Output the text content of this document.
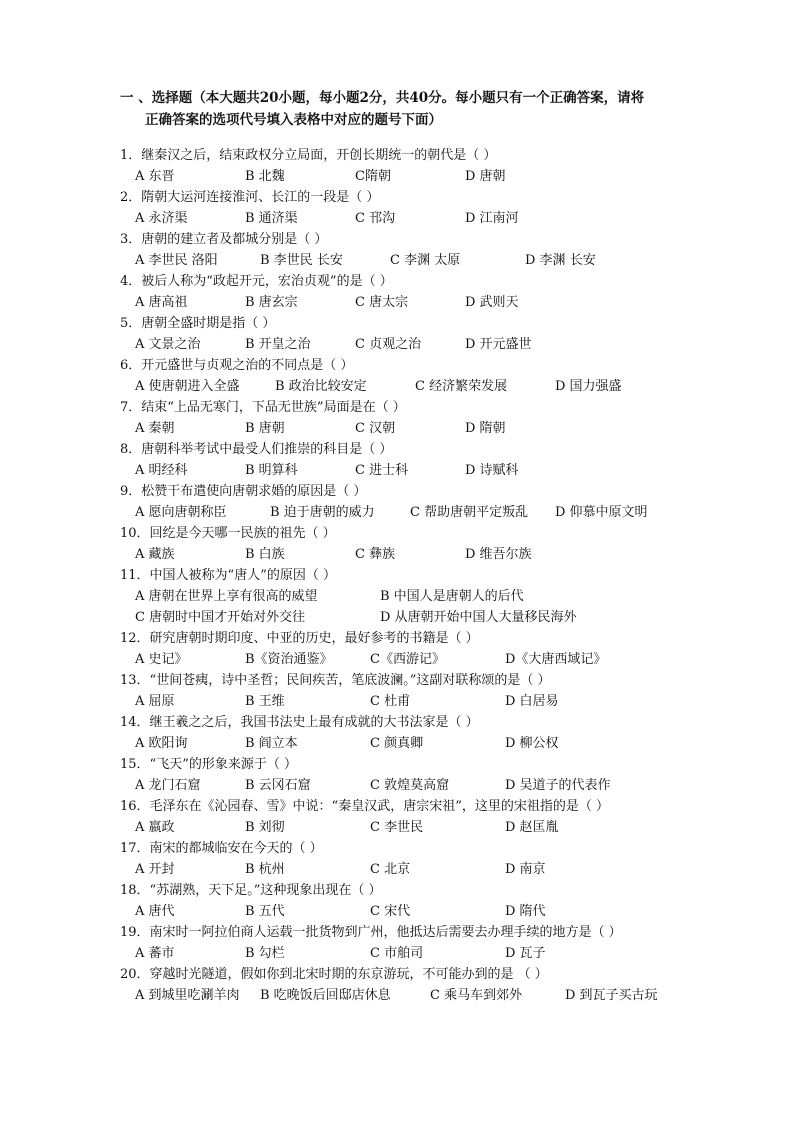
一 、选择题（本大题共20小题，每小题2分，共40分。每小题只有一个正确答案，请将
正确答案的选项代号填入表格中对应的题号下面）
1．继秦汉之后，结束政权分立局面，开创长期统一的朝代是（ ）
A 东晋	B 北魏	C隋朝	D 唐朝
2．隋朝大运河连接淮河、长江的一段是（ ）
A 永济渠	B 通济渠	C 邗沟	D 江南河
3．唐朝的建立者及都城分别是（ ）
A 李世民 洛阳	B 李世民 长安	C 李渊 太原	D 李渊 长安
4．被后人称为“政起开元，宏治贞观”的是（ ）
A 唐高祖	B 唐玄宗	C 唐太宗	D 武则天
5．唐朝全盛时期是指（ ）
A 文景之治	B 开皇之治	C 贞观之治	D 开元盛世
6．开元盛世与贞观之治的不同点是（ ）
A 使唐朝进入全盛	B 政治比较安定	C 经济繁荣发展	D 国力强盛
7．结束“上品无寒门，下品无世族”局面是在（ ）
A 秦朝	B 唐朝	C 汉朝	D 隋朝
8．唐朝科举考试中最受人们推崇的科目是（ ）
A 明经科	B 明算科	C 进士科	D 诗赋科
9．松赞干布遣使向唐朝求婚的原因是（ ）
A 愿向唐朝称臣	B 迫于唐朝的威力	C 帮助唐朝平定叛乱 D 仰慕中原文明
10．回纥是今天哪一民族的祖先（ ）
A 藏族	B 白族	C 彝族	D 维吾尔族
11．中国人被称为“唐人”的原因（ ）
A 唐朝在世界上享有很高的威望	B 中国人是唐朝人的后代
C 唐朝时中国才开始对外交往	D 从唐朝开始中国人大量移民海外
12．研究唐朝时期印度、中亚的历史，最好参考的书籍是（ ）
A 史记》	B《资治通鉴》	C《西游记》	D《大唐西域记》
13．“世间苍痍，诗中圣哲；民间疾苦，笔底波澜。”这副对联称颂的是（ ）
A 屈原	B 王维	C 杜甫	D 白居易
14．继王羲之之后，我国书法史上最有成就的大书法家是（ ）
A 欧阳询	B 阎立本	C 颜真卿	D 柳公权
15．“飞天”的形象来源于（ ）
A 龙门石窟	B 云冈石窟	C 敦煌莫高窟	D 吴道子的代表作
16．毛泽东在《沁园春、雪》中说：“秦皇汉武，唐宗宋祖”，这里的宋祖指的是（ ）
A 嬴政	B 刘彻	C 李世民	D 赵匡胤
17．南宋的都城临安在今天的（ ）
A 开封	B 杭州	C 北京	D 南京
18．“苏湖熟，天下足。”这种现象出现在（ ）
A 唐代	B 五代	C 宋代	D 隋代
19．南宋时一阿拉伯商人运载一批货物到广州，他抵达后需要去办理手续的地方是（ ）
A 蕃市	B 勾栏	C 市舶司	D 瓦子
20．穿越时光隧道，假如你到北宋时期的东京游玩，不可能办到的是 （ ）
A 到城里吃涮羊肉 B 吃晚饭后回邸店休息	C 乘马车到郊外	D 到瓦子买古玩
